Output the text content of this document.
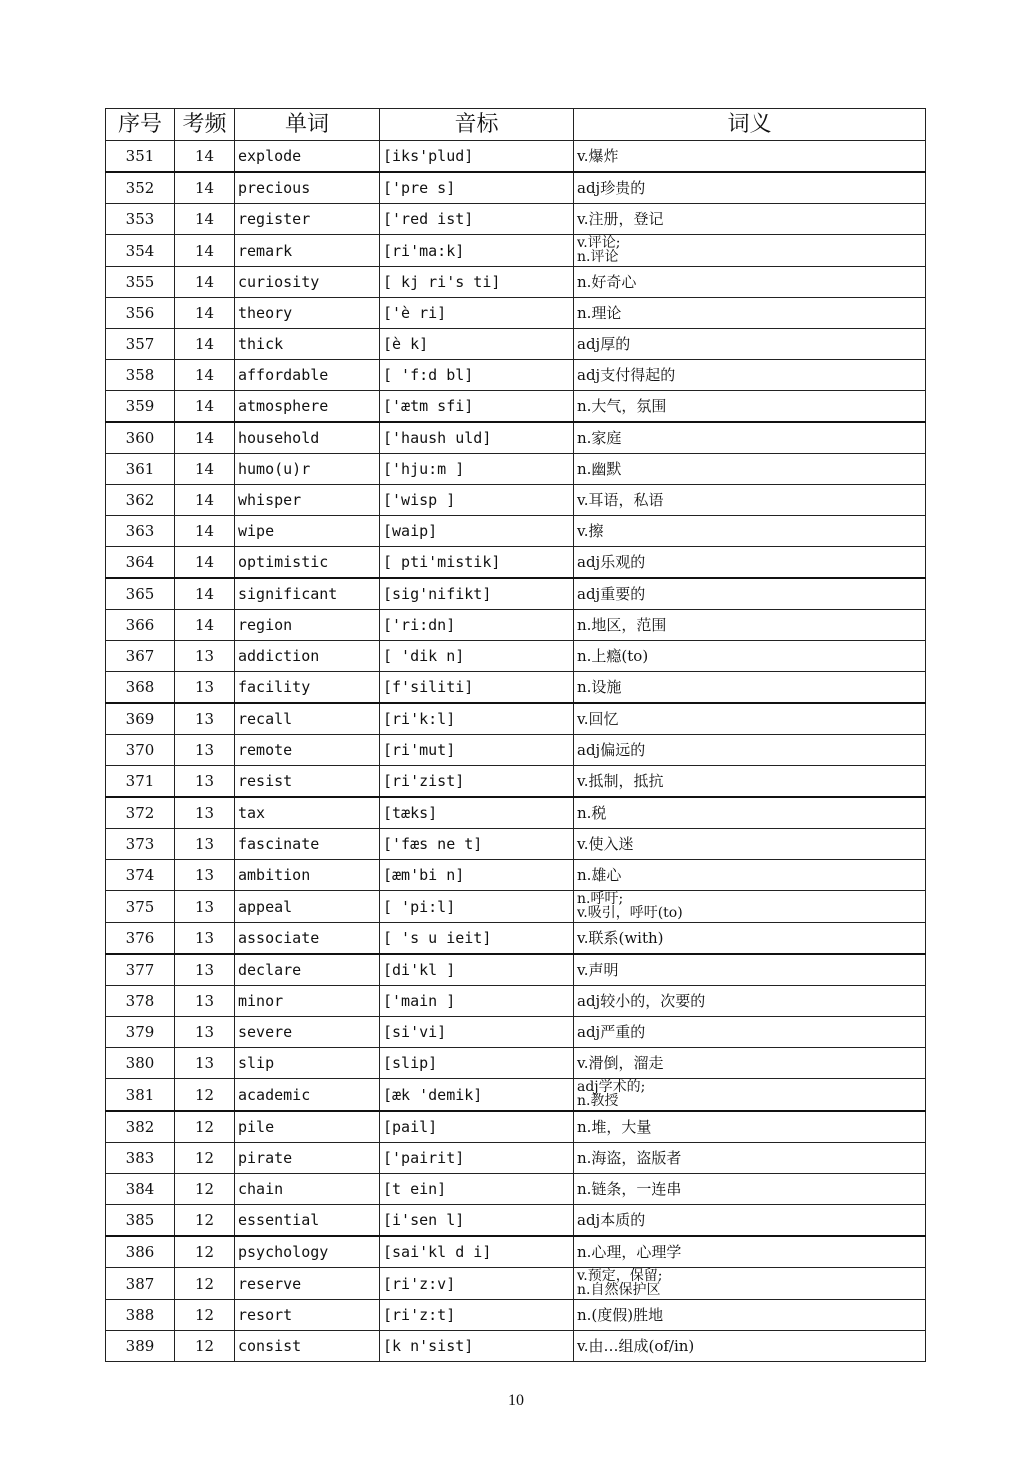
序号	考频	单词	音标	词义
351	14	explode	[iks'plud]	v.爆炸
352	14	precious	['pre s]	adj珍贵的
353	14	register	['red ist]	v.注册，登记
354	14	remark	[ri'ma:k]	v.评论;
n.评论
355	14	curiosity	[ kj ri's ti]	n.好奇心
356	14	theory	['è ri]	n.理论
357	14	thick	[è k]	adj厚的
358	14	affordable	[ 'f:d bl]	adj支付得起的
359	14	atmosphere	['ætm sfi]	n.大气，氛围
360	14	household	['haush uld]	n.家庭
361	14	humo(u)r	['hju:m ]	n.幽默
362	14	whisper	['wisp ]	v.耳语，私语
363	14	wipe	[waip]	v.擦
364	14	optimistic	[ pti'mistik]	adj乐观的
365	14	significant	[sig'nifikt]	adj重要的
366	14	region	['ri:dn]	n.地区，范围
367	13	addiction	[ 'dik n]	n.上瘾(to)
368	13	facility	[f'siliti]	n.设施
369	13	recall	[ri'k:l]	v.回忆
370	13	remote	[ri'mut]	adj偏远的
371	13	resist	[ri'zist]	v.抵制，抵抗
372	13	tax	[tæks]	n.税
373	13	fascinate	['fæs ne t]	v.使入迷
374	13	ambition	[æm'bi n]	n.雄心
375	13	appeal	[ 'pi:l]	n.呼吁;
v.吸引，呼吁(to)
376	13	associate	[ 's u ieit]	v.联系(with)
377	13	declare	[di'kl ]	v.声明
378	13	minor	['main ]	adj较小的，次要的
379	13	severe	[si'vi]	adj严重的
380	13	slip	[slip]	v.滑倒，溜走
381	12	academic	[æk 'demik]	adj学术的;
n.教授
382	12	pile	[pail]	n.堆，大量
383	12	pirate	['pairit]	n.海盗，盗版者
384	12	chain	[t ein]	n.链条，一连串
385	12	essential	[i'sen l]	adj本质的
386	12	psychology	[sai'kl d i]	n.心理，心理学
387	12	reserve	[ri'z:v]	v.预定，保留;
n.自然保护区
388	12	resort	[ri'z:t]	n.(度假)胜地
389	12	consist	[k n'sist]	v.由…组成(of/in)
10
